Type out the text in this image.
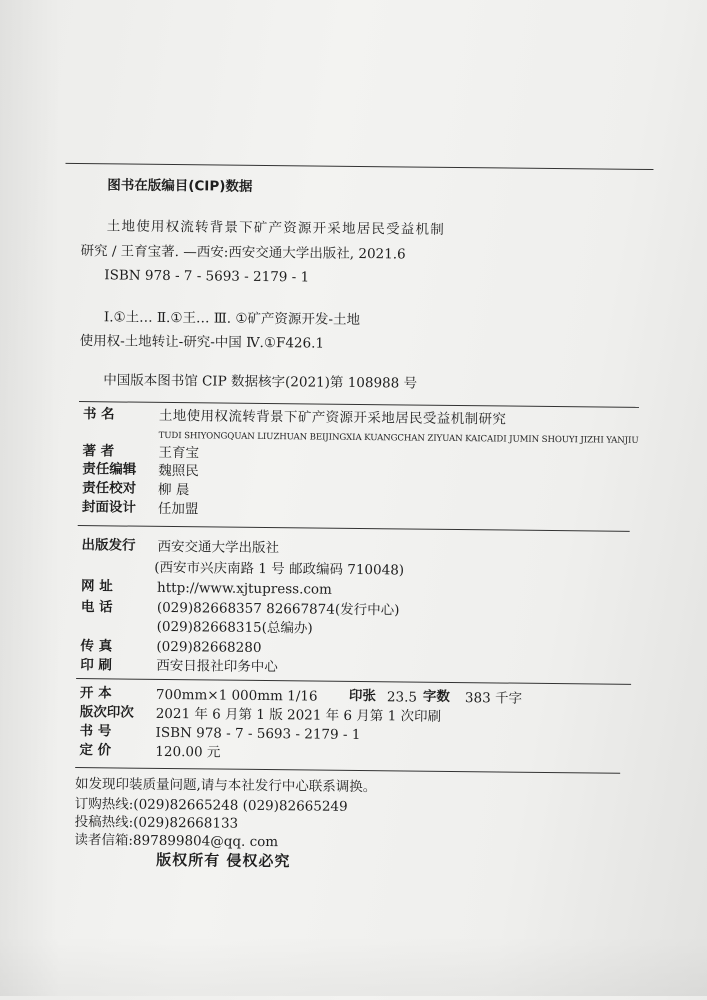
图书在版编目(CIP)数据
土地使用权流转背景下矿产资源开采地居民受益机制
研究 / 王育宝著. —西安:西安交通大学出版社, 2021.6
ISBN 978 - 7 - 5693 - 2179 - 1
Ⅰ.①土… Ⅱ.①王… Ⅲ. ①矿产资源开发-土地
使用权-土地转让-研究-中国 Ⅳ.①F426.1
中国版本图书馆 CIP 数据核字(2021)第 108988 号
书 名	土地使用权流转背景下矿产资源开采地居民受益机制研究
TUDI SHIYONGQUAN LIUZHUAN BEIJINGXIA KUANGCHAN ZIYUAN KAICAIDI JUMIN SHOUYI JIZHI YANJIU
著 者	王育宝
责任编辑	魏照民
责任校对	柳 晨
封面设计	任加盟
出版发行	西安交通大学出版社
(西安市兴庆南路 1 号 邮政编码 710048)
网 址	http://www.xjtupress.com
电 话	(029)82668357 82667874(发行中心)
(029)82668315(总编办)
传 真	(029)82668280
印 刷	西安日报社印务中心
开 本	700mm×1 000mm 1/16 印张 23.5 字数 383 千字
版次印次	2021 年 6 月第 1 版 2021 年 6 月第 1 次印刷
书 号	ISBN 978 - 7 - 5693 - 2179 - 1
定 价	120.00 元
如发现印装质量问题,请与本社发行中心联系调换。
订购热线:(029)82665248 (029)82665249
投稿热线:(029)82668133
读者信箱:897899804@qq. com
版权所有 侵权必究
